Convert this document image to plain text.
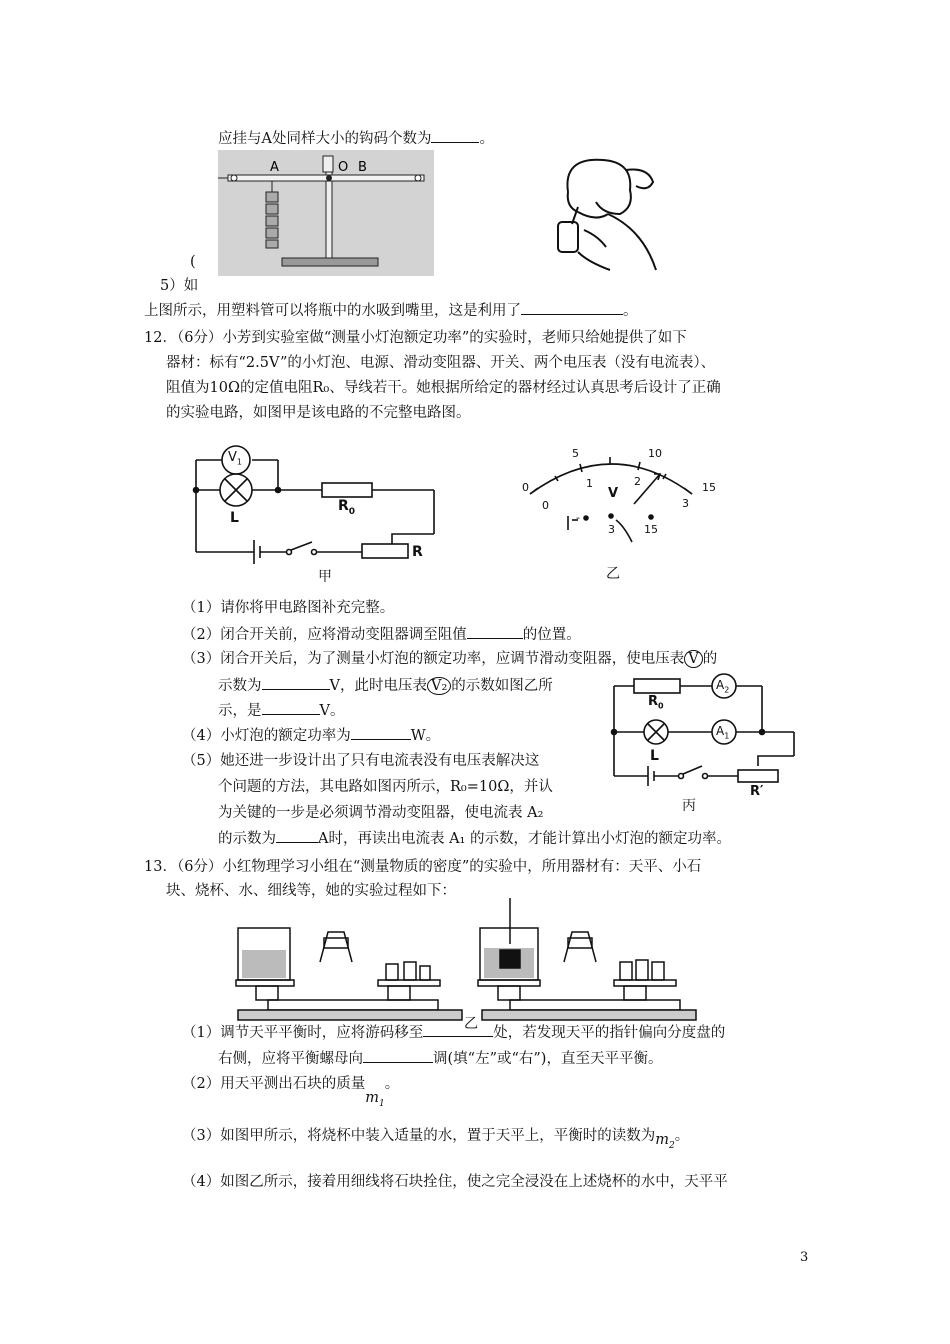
应挂与A处同样大小的钩码个数为	。
A	O B
(
5）如
上图所示，用塑料管可以将瓶中的水吸到嘴里，这是利用了	。
12．（6分）小芳到实验室做“测量小灯泡额定功率”的实验时，老师只给她提供了如下
器材：标有“2.5V”的小灯泡、电源、滑动变阻器、开关、两个电压表（没有电流表）、
阻值为10Ω的定值电阻R₀、导线若干。她根据所给定的器材经过认真思考后设计了正确
的实验电路，如图甲是该电路的不完整电路图。
$V_1$
L
$R_0$
R
甲
0
5	10
15
1	2
3
V
0
-
3	15
乙
（1）请你将甲电路图补充完整。
（2）闭合开关前，应将滑动变阻器调至阻值	的位置。
（3）闭合开关后，为了测量小灯泡的额定功率，应调节滑动变阻器，使电压表 V 的
示数为	V，此时电压表 V₂ 的示数如图乙所
示，是	V。
（4）小灯泡的额定功率为	W。
（5）她还进一步设计出了只有电流表没有电压表解决这
个问题的方法，其电路如图丙所示，R₀=10Ω，并认
为关键的一步是必须调节滑动变阻器，使电流表 A₂
的示数为	A时，再读出电流表 A₁ 的示数，才能计算出小灯泡的额定功率。
$R_0$
$A_2$
L
$A_1$
R′
丙
13．（6分）小红物理学习小组在“测量物质的密度”的实验中，所用器材有：天平、小石
块、烧杯、水、细线等，她的实验过程如下：
乙
（1）调节天平平衡时，应将游码移至	处，若发现天平的指针偏向分度盘的
右侧，应将平衡螺母向	调(填“左”或“右”)，直至天平平衡。
（2）用天平测出石块的质量$m_1$。
（3）如图甲所示，将烧杯中装入适量的水，置于天平上，平衡时的读数为$m_2$。
（4）如图乙所示，接着用细线将石块拴住，使之完全浸没在上述烧杯的水中，天平平
3
